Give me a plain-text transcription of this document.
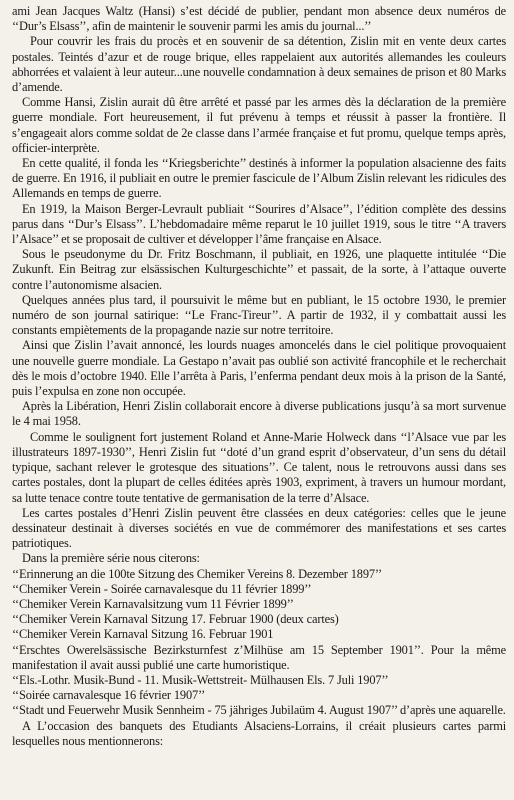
ami Jean Jacques Waltz (Hansi) s’est décidé de publier, pendant mon absence deux numéros de ‘‘Dur’s Elsass’’, afin de maintenir le souvenir parmi les amis du journal...’’

Pour couvrir les frais du procès et en souvenir de sa détention, Zislin mit en vente deux cartes postales. Teintés d’azur et de rouge brique, elles rappelaient aux autorités allemandes les couleurs abhorrées et valaient à leur auteur...une nouvelle condamnation à deux semaines de prison et 80 Marks d’amende.

Comme Hansi, Zislin aurait dû être arrêté et passé par les armes dès la déclaration de la première guerre mondiale. Fort heureusement, il fut prévenu à temps et réussit à passer la frontière. Il s’engageait alors comme soldat de 2e classe dans l’armée française et fut promu, quelque temps après, officier-interprète.

En cette qualité, il fonda les ‘‘Kriegsberichte’’ destinés à informer la population alsacienne des faits de guerre. En 1916, il publiait en outre le premier fascicule de l’Album Zislin relevant les ridicules des Allemands en temps de guerre.

En 1919, la Maison Berger-Levrault publiait ‘‘Sourires d’Alsace’’, l’édition complète des dessins parus dans ‘‘Dur’s Elsass’’. L’hebdomadaire même reparut le 10 juillet 1919, sous le titre ‘‘A travers l’Alsace’’ et se proposait de cultiver et développer l’âme française en Alsace.

Sous le pseudonyme du Dr. Fritz Boschmann, il publiait, en 1926, une plaquette intitulée ‘‘Die Zukunft. Ein Beitrag zur elsässischen Kulturgeschichte’’ et passait, de la sorte, à l’attaque ouverte contre l’autonomisme alsacien.

Quelques années plus tard, il poursuivit le même but en publiant, le 15 octobre 1930, le premier numéro de son journal satirique: ‘‘Le Franc-Tireur’’. A partir de 1932, il y combattait aussi les constants empiètements de la propagande nazie sur notre territoire.

Ainsi que Zislin l’avait annoncé, les lourds nuages amoncelés dans le ciel politique provoquaient une nouvelle guerre mondiale. La Gestapo n’avait pas oublié son activité francophile et le recherchait dès le mois d’octobre 1940. Elle l’arrêta à Paris, l’enferma pendant deux mois à la prison de la Santé, puis l’expulsa en zone non occupée.

Après la Libération, Henri Zislin collaborait encore à diverse publications jusqu’à sa mort survenue le 4 mai 1958.

Comme le soulignent fort justement Roland et Anne-Marie Holweck dans ‘‘l’Alsace vue par les illustrateurs 1897-1930’’, Henri Zislin fut ‘‘doté d’un grand esprit d’observateur, d’un sens du détail typique, sachant relever le grotesque des situations’’. Ce talent, nous le retrouvons aussi dans ses cartes postales, dont la plupart de celles éditées après 1903, expriment, à travers un humour mordant, sa lutte tenace contre toute tentative de germanisation de la terre d’Alsace.

Les cartes postales d’Henri Zislin peuvent être classées en deux catégories: celles que le jeune dessinateur destinait à diverses sociétés en vue de commémorer des manifestations et ses cartes patriotiques.

Dans la première série nous citerons:

‘‘Erinnerung an die 100te Sitzung des Chemiker Vereins 8. Dezember 1897’’

‘‘Chemiker Verein - Soirée carnavalesque du 11 février 1899’’

‘‘Chemiker Verein Karnavalsitzung vum 11 Février 1899’’

‘‘Chemiker Verein Karnaval Sitzung 17. Februar 1900 (deux cartes)

‘‘Chemiker Verein Karnaval Sitzung 16. Februar 1901

‘‘Erschtes Owerelsässische Bezirksturnfest z’Milhüse am 15 September 1901’’. Pour la même manifestation il avait aussi publié une carte humoristique.

‘‘Els.-Lothr. Musik-Bund - 11. Musik-Wettstreit- Mülhausen Els. 7 Juli 1907’’

‘‘Soirée carnavalesque 16 février 1907’’

‘‘Stadt und Feuerwehr Musik Sennheim - 75 jähriges Jubilaüm 4. August 1907’’ d’après une aquarelle.

A L’occasion des banquets des Etudiants Alsaciens-Lorrains, il créait plusieurs cartes parmi lesquelles nous mentionnerons:
